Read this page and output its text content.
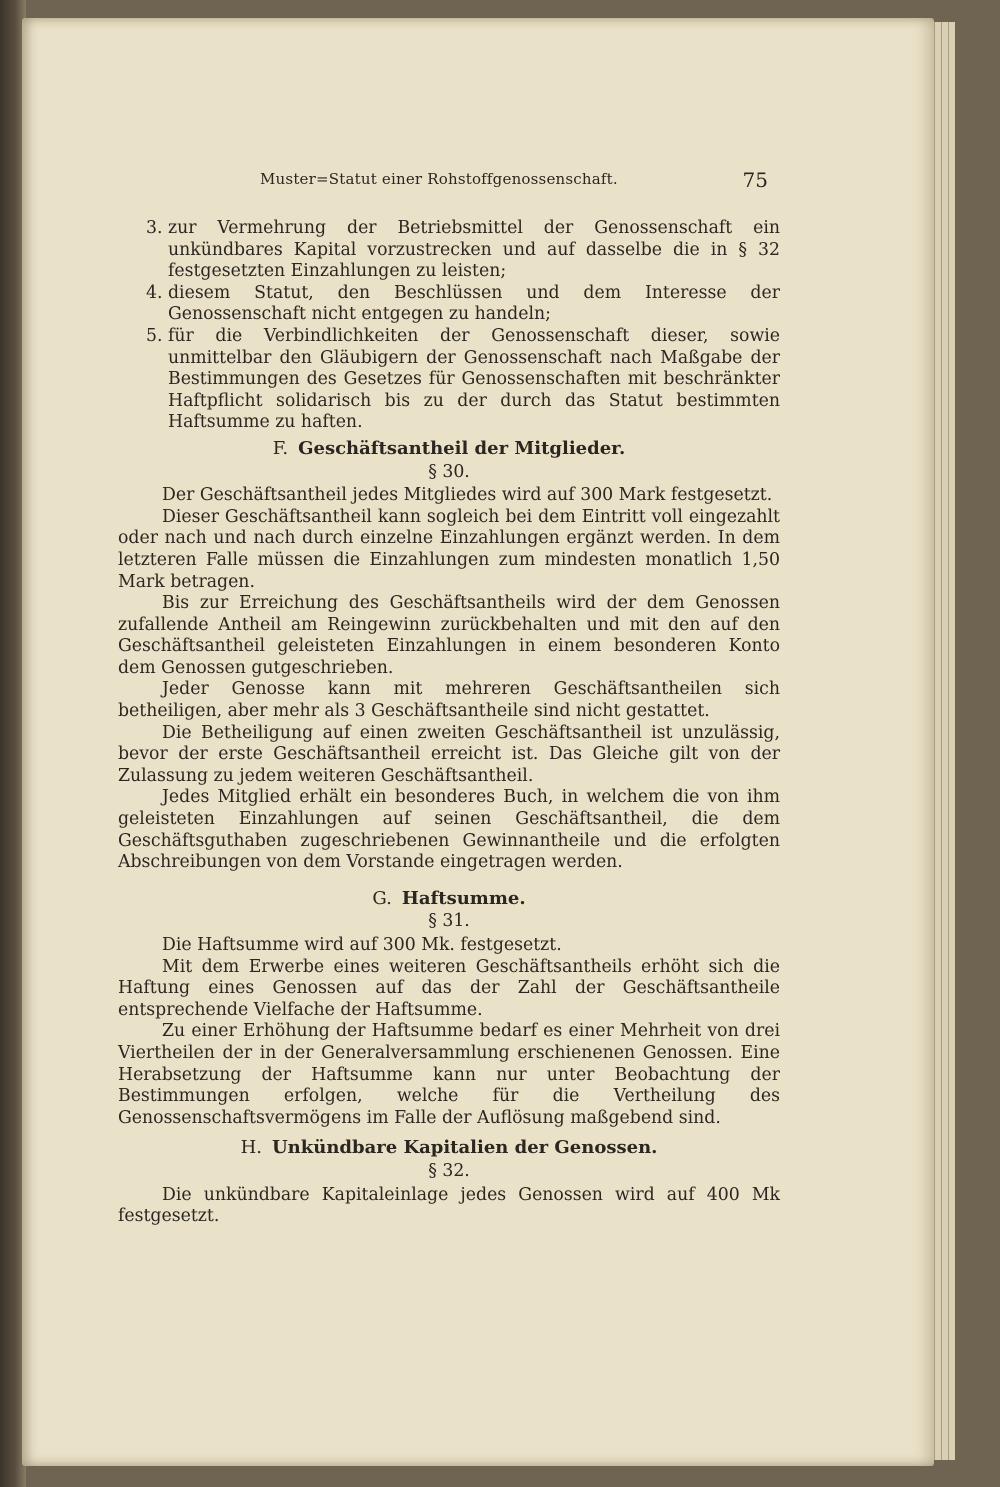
Muster=Statut einer Rohstoffgenossenschaft.	75

3. zur Vermehrung der Betriebsmittel der Genossenschaft ein unkündbares Kapital vorzustrecken und auf dasselbe die in § 32 festgesetzten Einzahlungen zu leisten;

4. diesem Statut, den Beschlüssen und dem Interesse der Genossenschaft nicht entgegen zu handeln;

5. für die Verbindlichkeiten der Genossenschaft dieser, sowie unmittelbar den Gläubigern der Genossenschaft nach Maßgabe der Bestimmungen des Gesetzes für Genossenschaften mit beschränkter Haftpflicht solidarisch bis zu der durch das Statut bestimmten Haftsumme zu haften.

F. Geschäftsantheil der Mitglieder.
§ 30.

Der Geschäftsantheil jedes Mitgliedes wird auf 300 Mark festgesetzt.

Dieser Geschäftsantheil kann sogleich bei dem Eintritt voll eingezahlt oder nach und nach durch einzelne Einzahlungen ergänzt werden. In dem letzteren Falle müssen die Einzahlungen zum mindesten monatlich 1,50 Mark betragen.

Bis zur Erreichung des Geschäftsantheils wird der dem Genossen zufallende Antheil am Reingewinn zurückbehalten und mit den auf den Geschäftsantheil geleisteten Einzahlungen in einem besonderen Konto dem Genossen gutgeschrieben.

Jeder Genosse kann mit mehreren Geschäftsantheilen sich betheiligen, aber mehr als 3 Geschäftsantheile sind nicht gestattet.

Die Betheiligung auf einen zweiten Geschäftsantheil ist unzulässig, bevor der erste Geschäftsantheil erreicht ist. Das Gleiche gilt von der Zulassung zu jedem weiteren Geschäftsantheil.

Jedes Mitglied erhält ein besonderes Buch, in welchem die von ihm geleisteten Einzahlungen auf seinen Geschäftsantheil, die dem Geschäftsguthaben zugeschriebenen Gewinnantheile und die erfolgten Abschreibungen von dem Vorstande eingetragen werden.

G. Haftsumme.
§ 31.

Die Haftsumme wird auf 300 Mk. festgesetzt.

Mit dem Erwerbe eines weiteren Geschäftsantheils erhöht sich die Haftung eines Genossen auf das der Zahl der Geschäftsantheile entsprechende Vielfache der Haftsumme.

Zu einer Erhöhung der Haftsumme bedarf es einer Mehrheit von drei Viertheilen der in der Generalversammlung erschienenen Genossen. Eine Herabsetzung der Haftsumme kann nur unter Beobachtung der Bestimmungen erfolgen, welche für die Vertheilung des Genossenschaftsvermögens im Falle der Auflösung maßgebend sind.

H. Unkündbare Kapitalien der Genossen.
§ 32.

Die unkündbare Kapitaleinlage jedes Genossen wird auf 400 Mk festgesetzt.
